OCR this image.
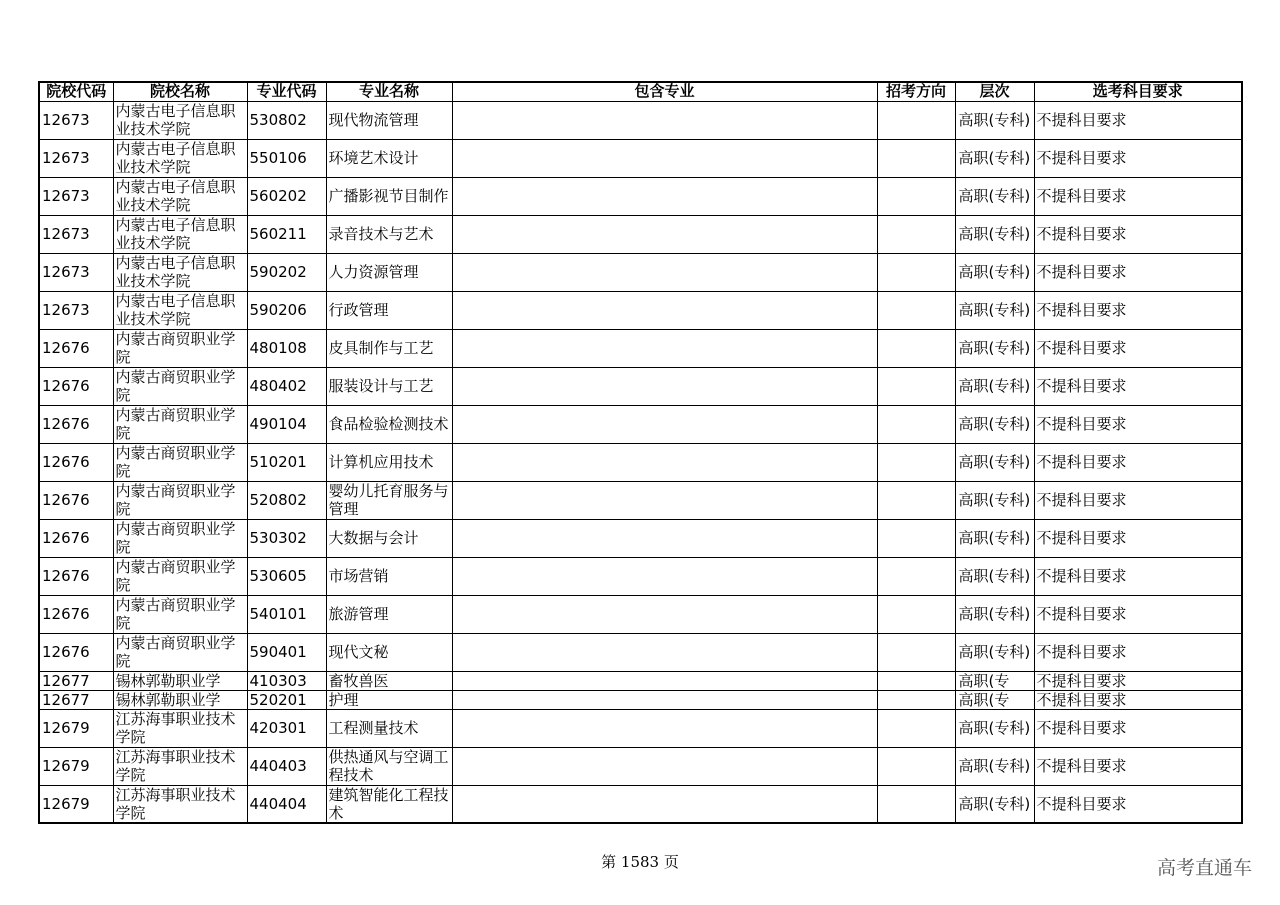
院校代码	院校名称	专业代码	专业名称	包含专业	招考方向	层次	选考科目要求
12673	内蒙古电子信息职业技术学院	530802	现代物流管理			高职(专科)	不提科目要求
12673	内蒙古电子信息职业技术学院	550106	环境艺术设计			高职(专科)	不提科目要求
12673	内蒙古电子信息职业技术学院	560202	广播影视节目制作			高职(专科)	不提科目要求
12673	内蒙古电子信息职业技术学院	560211	录音技术与艺术			高职(专科)	不提科目要求
12673	内蒙古电子信息职业技术学院	590202	人力资源管理			高职(专科)	不提科目要求
12673	内蒙古电子信息职业技术学院	590206	行政管理			高职(专科)	不提科目要求
12676	内蒙古商贸职业学院	480108	皮具制作与工艺			高职(专科)	不提科目要求
12676	内蒙古商贸职业学院	480402	服装设计与工艺			高职(专科)	不提科目要求
12676	内蒙古商贸职业学院	490104	食品检验检测技术			高职(专科)	不提科目要求
12676	内蒙古商贸职业学院	510201	计算机应用技术			高职(专科)	不提科目要求
12676	内蒙古商贸职业学院	520802	婴幼儿托育服务与管理			高职(专科)	不提科目要求
12676	内蒙古商贸职业学院	530302	大数据与会计			高职(专科)	不提科目要求
12676	内蒙古商贸职业学院	530605	市场营销			高职(专科)	不提科目要求
12676	内蒙古商贸职业学院	540101	旅游管理			高职(专科)	不提科目要求
12676	内蒙古商贸职业学院	590401	现代文秘			高职(专科)	不提科目要求
12677	锡林郭勒职业学	410303	畜牧兽医			高职(专	不提科目要求
12677	锡林郭勒职业学	520201	护理			高职(专	不提科目要求
12679	江苏海事职业技术学院	420301	工程测量技术			高职(专科)	不提科目要求
12679	江苏海事职业技术学院	440403	供热通风与空调工程技术			高职(专科)	不提科目要求
12679	江苏海事职业技术学院	440404	建筑智能化工程技术			高职(专科)	不提科目要求
第 1583 页	高考直通车
